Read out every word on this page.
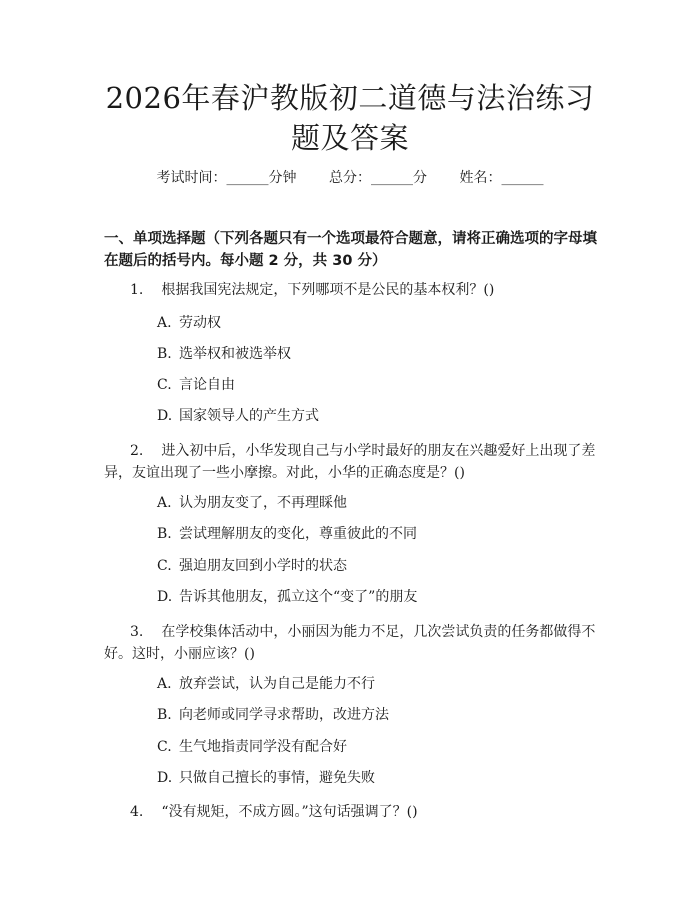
2026年春沪教版初二道德与法治练习题及答案
考试时间：______分钟 总分：______分 姓名：______
一、单项选择题（下列各题只有一个选项最符合题意，请将正确选项的字母填在题后的括号内。每小题 2 分，共 30 分）
1. 根据我国宪法规定，下列哪项不是公民的基本权利？()
A. 劳动权
B. 选举权和被选举权
C. 言论自由
D. 国家领导人的产生方式
2. 进入初中后，小华发现自己与小学时最好的朋友在兴趣爱好上出现了差异，友谊出现了一些小摩擦。对此，小华的正确态度是？()
A. 认为朋友变了，不再理睬他
B. 尝试理解朋友的变化，尊重彼此的不同
C. 强迫朋友回到小学时的状态
D. 告诉其他朋友，孤立这个“变了”的朋友
3. 在学校集体活动中，小丽因为能力不足，几次尝试负责的任务都做得不好。这时，小丽应该？()
A. 放弃尝试，认为自己是能力不行
B. 向老师或同学寻求帮助，改进方法
C. 生气地指责同学没有配合好
D. 只做自己擅长的事情，避免失败
4. “没有规矩，不成方圆。”这句话强调了？()
